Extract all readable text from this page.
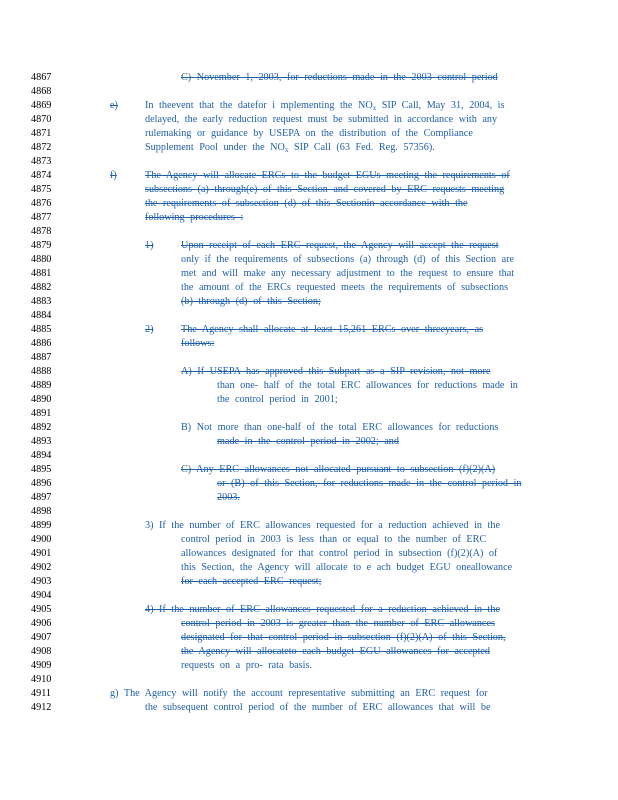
4867
4868
4869
4870
4871
4872
4873
4874
4875
4876
4877
4878
4879
4880
4881
4882
4883
4884
4885
4886
4887
4888
4889
4890
4891
4892
4893
4894
4895
4896
4897
4898
4899
4900
4901
4902
4903
4904
4905
4906
4907
4908
4909
4910
4911
4912
C) November 1, 2003, for reductions made in the 2003 control period
e)	In theevent that the datefor i mplementing the $NO_x$ SIP Call, May 31, 2004, is
delayed, the early reduction request must be submitted in accordance with any
rulemaking or guidance by USEPA on the distribution of the Compliance
Supplement Pool under the $NO_x$ SIP Call (63 Fed. Reg. 57356).
f)	The Agency will allocate ERCs to the budget EGUs meeting the requirements of
subsections (a) through(e) of this Section and covered by ERC requests meeting
the requirements of subsection (d) of this Sectionin accordance with the
following procedures :
1)	Upon receipt of each ERC request, the Agency will accept the request
only if the requirements of subsections (a) through (d) of this Section are
met and will make any necessary adjustment to the request to ensure that
the amount of the ERCs requested meets the requirements of subsections
(b) through (d) of this Section;
2)	The Agency shall allocate at least 15,261 ERCs over threeyears, as
follows:
A) If USEPA has approved this Subpart as a SIP revision, not more
than one- half of the total ERC allowances for reductions made in
the control period in 2001;
B) Not more than one-half of the total ERC allowances for reductions
made in the control period in 2002; and
C) Any ERC allowances not allocated pursuant to subsection (f)(2)(A)
or (B) of this Section, for reductions made in the control period in
2003.
3) If the number of ERC allowances requested for a reduction achieved in the
control period in 2003 is less than or equal to the number of ERC
allowances designated for that control period in subsection (f)(2)(A) of
this Section, the Agency will allocate to e ach budget EGU oneallowance
for each accepted ERC request;
4) If the number of ERC allowances requested for a reduction achieved in the
control period in 2003 is greater than the number of ERC allowances
designated for that control period in subsection (f)(2)(A) of this Section,
the Agency will allocateto each budget EGU allowances for accepted
requests on a pro- rata basis.
g) The Agency will notify the account representative submitting an ERC request for
the subsequent control period of the number of ERC allowances that will be
